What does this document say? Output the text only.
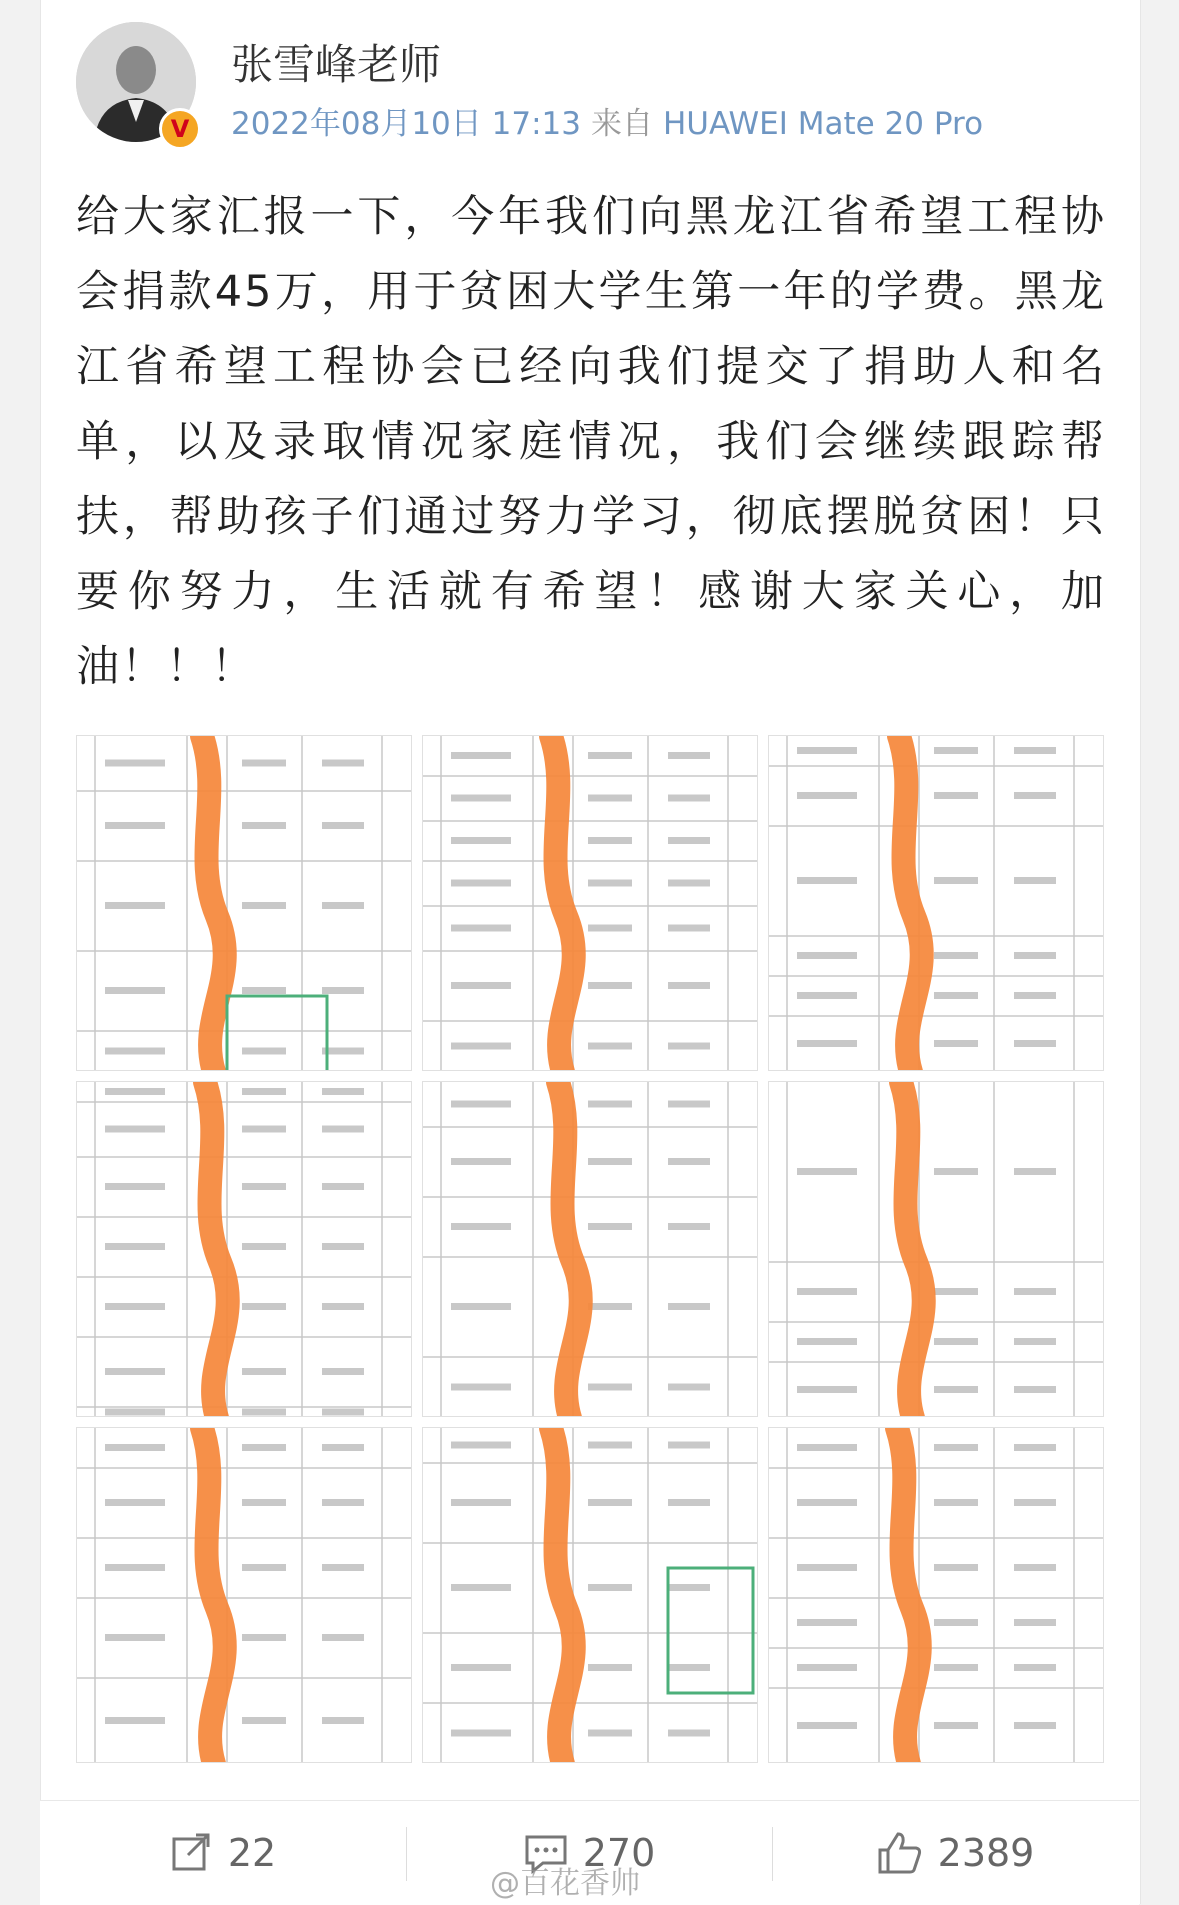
V
张雪峰老师
2022年08月10日 17:13 来自 HUAWEI Mate 20 Pro
给大家汇报一下，今年我们向黑龙江省希望工程协会捐款45万，用于贫困大学生第一年的学费。黑龙江省希望工程协会已经向我们提交了捐助人和名单，以及录取情况家庭情况，我们会继续跟踪帮扶，帮助孩子们通过努力学习，彻底摆脱贫困！只要你努力，生活就有希望！感谢大家关心，加油！！！
22	270	2389
@百花香帅
